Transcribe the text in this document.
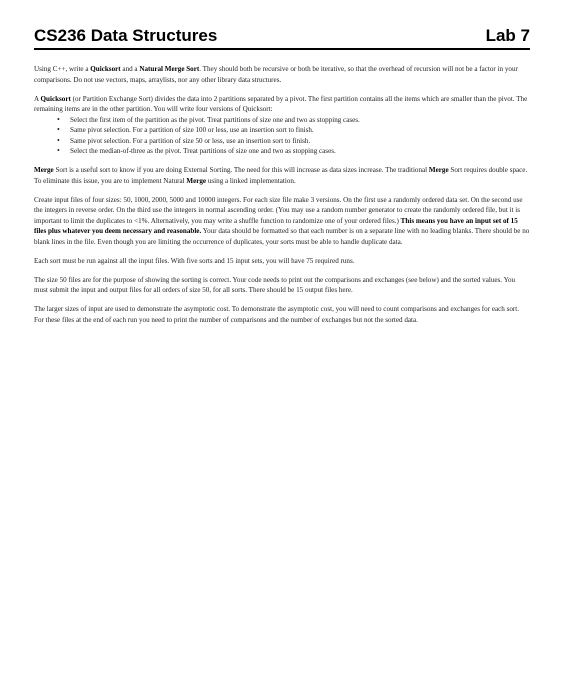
CS236 Data Structures	Lab 7

Using C++, write a Quicksort and a Natural Merge Sort. They should both be recursive or both be iterative, so that the overhead of recursion will not be a factor in your comparisons. Do not use vectors, maps, arraylists, nor any other library data structures.

A Quicksort (or Partition Exchange Sort) divides the data into 2 partitions separated by a pivot. The first partition contains all the items which are smaller than the pivot. The remaining items are in the other partition. You will write four versions of Quicksort:

• Select the first item of the partition as the pivot. Treat partitions of size one and two as stopping cases.
• Same pivot selection. For a partition of size 100 or less, use an insertion sort to finish.
• Same pivot selection. For a partition of size 50 or less, use an insertion sort to finish.
• Select the median-of-three as the pivot. Treat partitions of size one and two as stopping cases.

Merge Sort is a useful sort to know if you are doing External Sorting. The need for this will increase as data sizes increase. The traditional Merge Sort requires double space. To eliminate this issue, you are to implement Natural Merge using a linked implementation.

Create input files of four sizes: 50, 1000, 2000, 5000 and 10000 integers. For each size file make 3 versions. On the first use a randomly ordered data set. On the second use the integers in reverse order. On the third use the integers in normal ascending order. (You may use a random number generator to create the randomly ordered file, but it is important to limit the duplicates to <1%. Alternatively, you may write a shuffle function to randomize one of your ordered files.) This means you have an input set of 15 files plus whatever you deem necessary and reasonable. Your data should be formatted so that each number is on a separate line with no leading blanks. There should be no blank lines in the file. Even though you are limiting the occurrence of duplicates, your sorts must be able to handle duplicate data.

Each sort must be run against all the input files. With five sorts and 15 input sets, you will have 75 required runs.

The size 50 files are for the purpose of showing the sorting is correct. Your code needs to print out the comparisons and exchanges (see below) and the sorted values. You must submit the input and output files for all orders of size 50, for all sorts. There should be 15 output files here.

The larger sizes of input are used to demonstrate the asymptotic cost. To demonstrate the asymptotic cost, you will need to count comparisons and exchanges for each sort. For these files at the end of each run you need to print the number of comparisons and the number of exchanges but not the sorted data.
